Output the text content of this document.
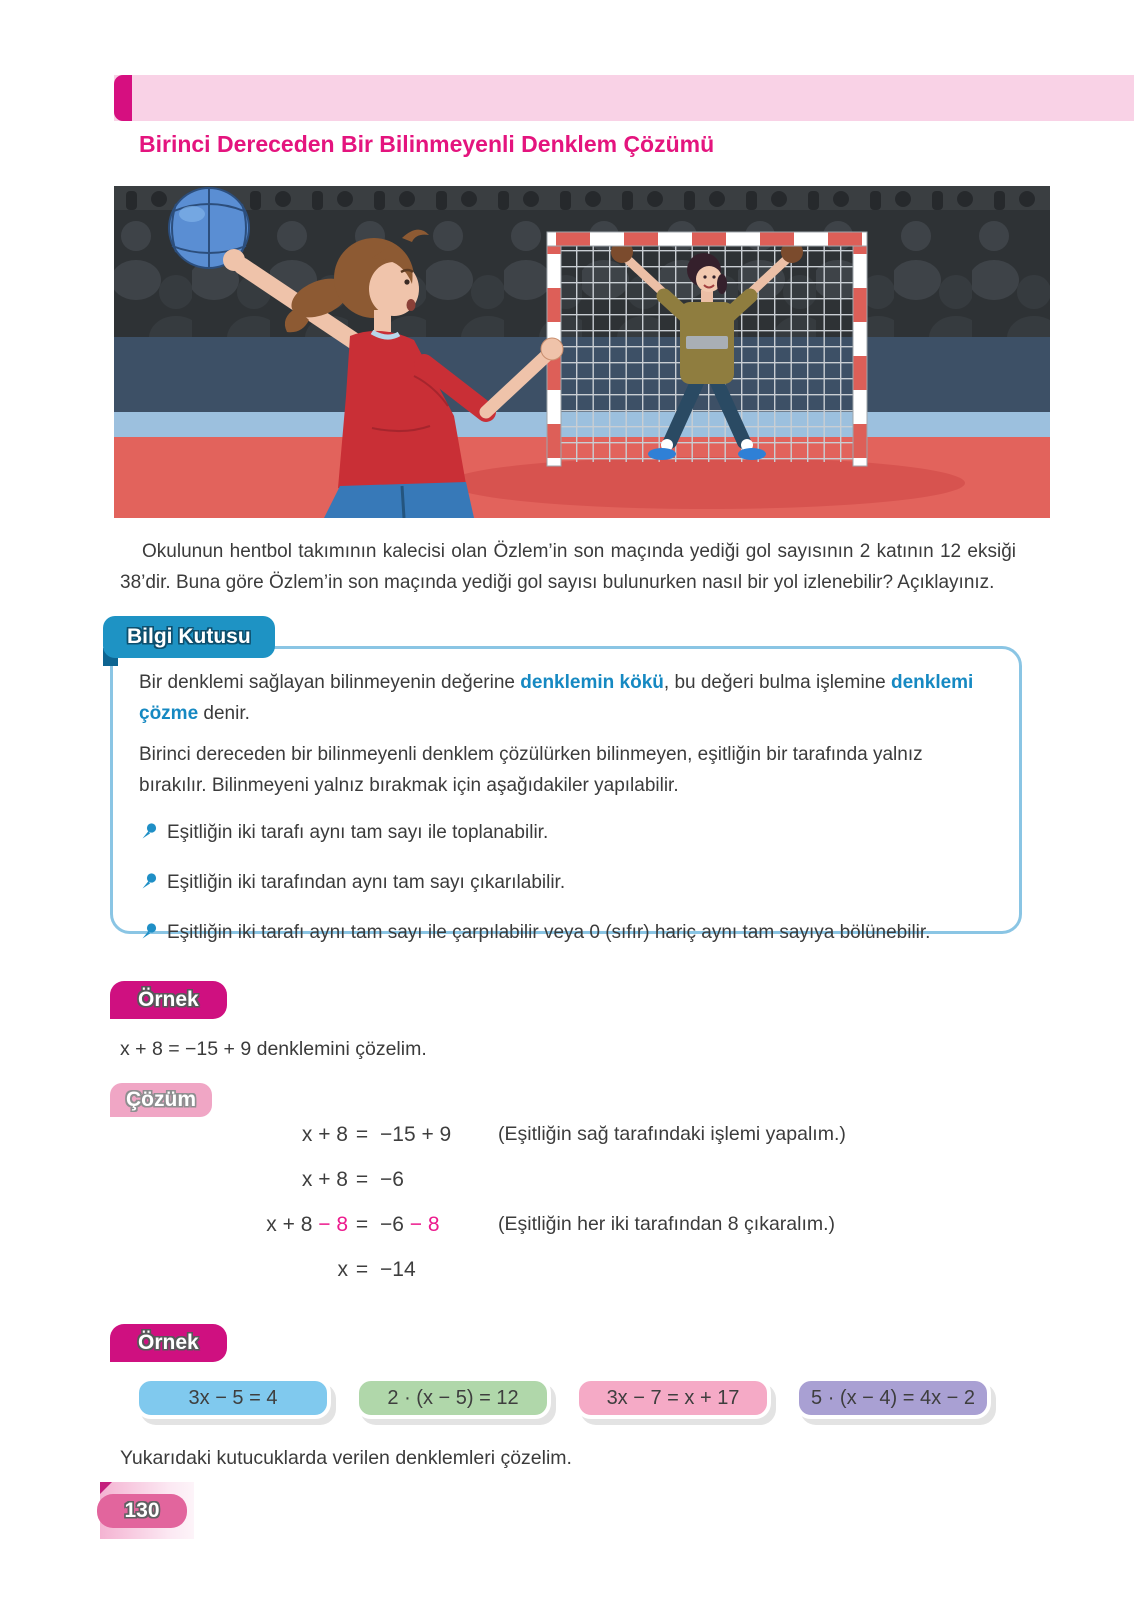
Birinci Dereceden Bir Bilinmeyenli Denklem Çözümü

Okulunun hentbol takımının kalecisi olan Özlem’in son maçında yediği gol sayısının 2 katının 12 eksiği 38’dir. Buna göre Özlem’in son maçında yediği gol sayısı bulunurken nasıl bir yol izlenebilir? Açıklayınız.

Bilgi Kutusu

Bir denklemi sağlayan bilinmeyenin değerine denklemin kökü, bu değeri bulma işlemine denklemi çözme denir.

Birinci dereceden bir bilinmeyenli denklem çözülürken bilinmeyen, eşitliğin bir tarafında yalnız bırakılır. Bilinmeyeni yalnız bırakmak için aşağıdakiler yapılabilir.

Eşitliğin iki tarafı aynı tam sayı ile toplanabilir.
Eşitliğin iki tarafından aynı tam sayı çıkarılabilir.
Eşitliğin iki tarafı aynı tam sayı ile çarpılabilir veya 0 (sıfır) hariç aynı tam sayıya bölünebilir.
Örnek

x + 8 = −15 + 9 denklemini çözelim.

Çözüm
x + 8 = −15 + 9	(Eşitliğin sağ tarafındaki işlemi yapalım.)
x + 8 = −6
x + 8 − 8 = −6 − 8	(Eşitliğin her iki tarafından 8 çıkaralım.)
x = −14
Örnek
3x − 5 = 4	2 · (x − 5) = 12	3x − 7 = x + 17	5 · (x − 4) = 4x − 2

Yukarıdaki kutucuklarda verilen denklemleri çözelim.

130
